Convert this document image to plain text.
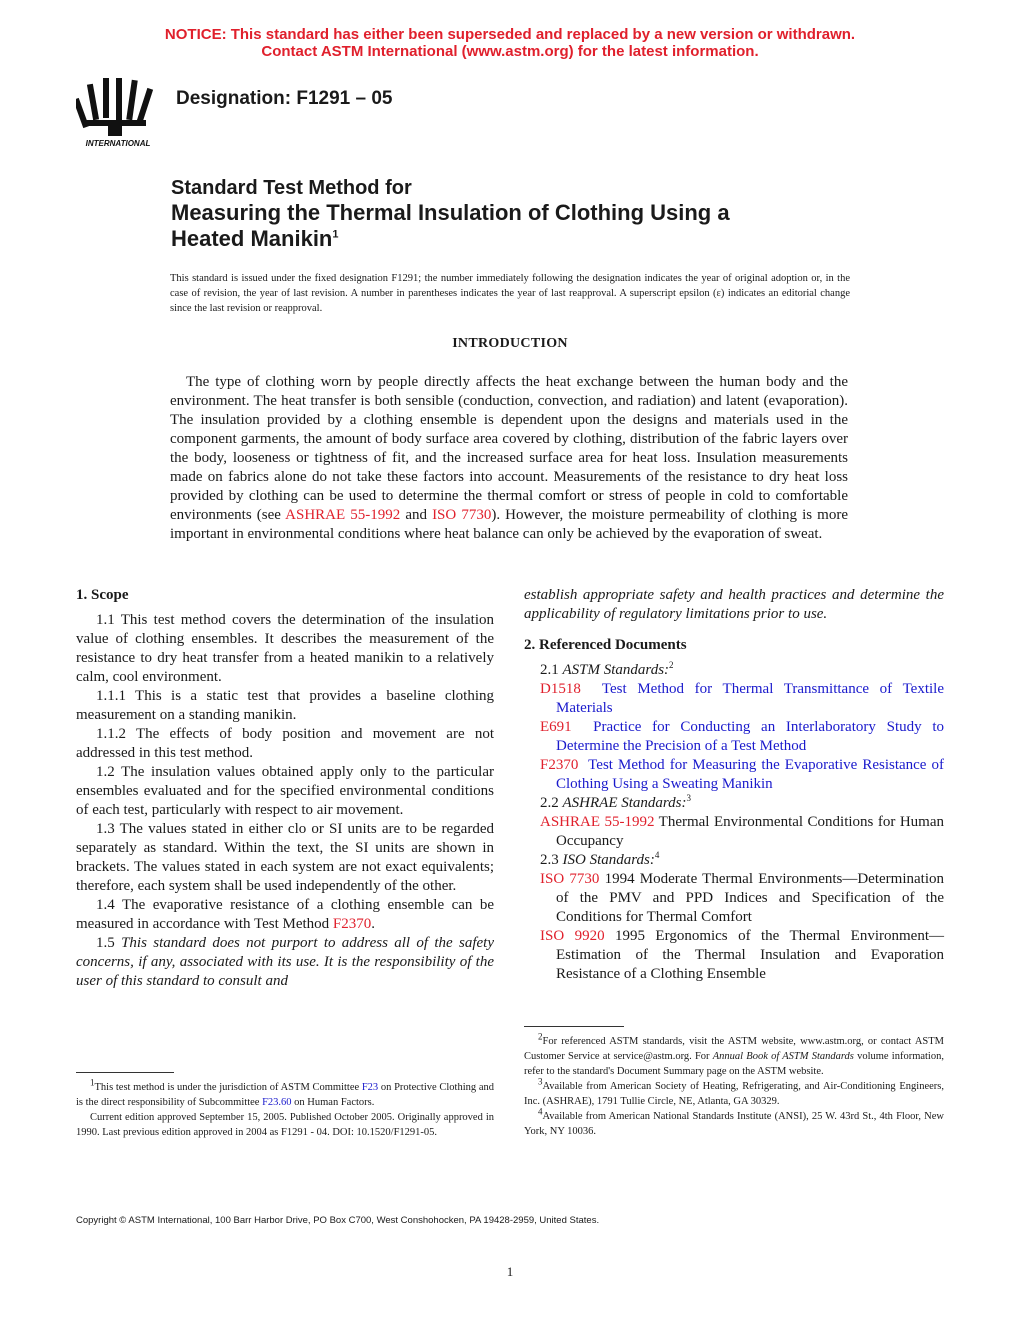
NOTICE: This standard has either been superseded and replaced by a new version or withdrawn.
Contact ASTM International (www.astm.org) for the latest information.
INTERNATIONAL
Designation: F1291 – 05
Standard Test Method for
Measuring the Thermal Insulation of Clothing Using a
Heated Manikin$^1$
This standard is issued under the fixed designation F1291; the number immediately following the designation indicates the year of original adoption or, in the case of revision, the year of last revision. A number in parentheses indicates the year of last reapproval. A superscript epsilon (ε) indicates an editorial change since the last revision or reapproval.
INTRODUCTION
The type of clothing worn by people directly affects the heat exchange between the human body and the environment. The heat transfer is both sensible (conduction, convection, and radiation) and latent (evaporation). The insulation provided by a clothing ensemble is dependent upon the designs and materials used in the component garments, the amount of body surface area covered by clothing, distribution of the fabric layers over the body, looseness or tightness of fit, and the increased surface area for heat loss. Insulation measurements made on fabrics alone do not take these factors into account. Measurements of the resistance to dry heat loss provided by clothing can be used to determine the thermal comfort or stress of people in cold to comfortable environments (see ASHRAE 55-1992 and ISO 7730). However, the moisture permeability of clothing is more important in environmental conditions where heat balance can only be achieved by the evaporation of sweat.
1. Scope

1.1 This test method covers the determination of the insulation value of clothing ensembles. It describes the measurement of the resistance to dry heat transfer from a heated manikin to a relatively calm, cool environment.

1.1.1 This is a static test that provides a baseline clothing measurement on a standing manikin.

1.1.2 The effects of body position and movement are not addressed in this test method.

1.2 The insulation values obtained apply only to the particular ensembles evaluated and for the specified environmental conditions of each test, particularly with respect to air movement.

1.3 The values stated in either clo or SI units are to be regarded separately as standard. Within the text, the SI units are shown in brackets. The values stated in each system are not exact equivalents; therefore, each system shall be used independently of the other.

1.4 The evaporative resistance of a clothing ensemble can be measured in accordance with Test Method F2370.

1.5 This standard does not purport to address all of the safety concerns, if any, associated with its use. It is the responsibility of the user of this standard to consult and

$^1$This test method is under the jurisdiction of ASTM Committee F23 on Protective Clothing and is the direct responsibility of Subcommittee F23.60 on Human Factors.
Current edition approved September 15, 2005. Published October 2005. Originally approved in 1990. Last previous edition approved in 2004 as F1291 - 04. DOI: 10.1520/F1291-05.

establish appropriate safety and health practices and determine the applicability of regulatory limitations prior to use.

2. Referenced Documents

2.1 ASTM Standards:$^2$

D1518 Test Method for Thermal Transmittance of Textile Materials

E691 Practice for Conducting an Interlaboratory Study to Determine the Precision of a Test Method

F2370 Test Method for Measuring the Evaporative Resistance of Clothing Using a Sweating Manikin

2.2 ASHRAE Standards:$^3$

ASHRAE 55-1992 Thermal Environmental Conditions for Human Occupancy

2.3 ISO Standards:$^4$

ISO 7730 1994 Moderate Thermal Environments—Determination of the PMV and PPD Indices and Specification of the Conditions for Thermal Comfort

ISO 9920 1995 Ergonomics of the Thermal Environment—Estimation of the Thermal Insulation and Evaporation Resistance of a Clothing Ensemble

$^2$For referenced ASTM standards, visit the ASTM website, www.astm.org, or contact ASTM Customer Service at service@astm.org. For Annual Book of ASTM Standards volume information, refer to the standard's Document Summary page on the ASTM website.
$^3$Available from American Society of Heating, Refrigerating, and Air-Conditioning Engineers, Inc. (ASHRAE), 1791 Tullie Circle, NE, Atlanta, GA 30329.
$^4$Available from American National Standards Institute (ANSI), 25 W. 43rd St., 4th Floor, New York, NY 10036.
Copyright © ASTM International, 100 Barr Harbor Drive, PO Box C700, West Conshohocken, PA 19428-2959, United States.
1
